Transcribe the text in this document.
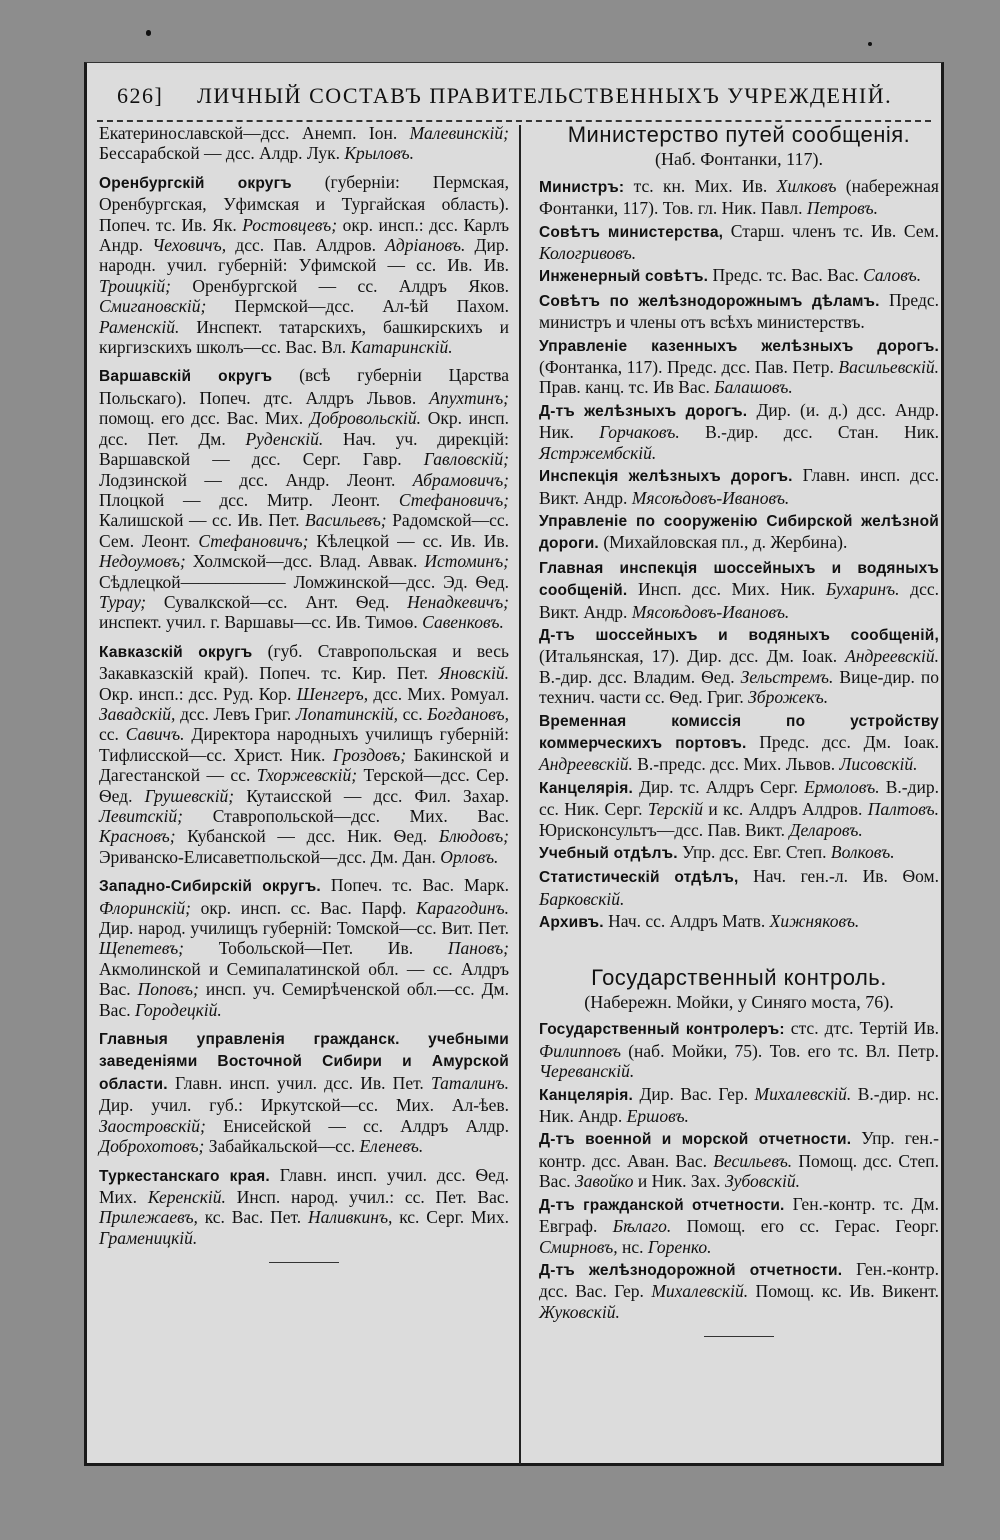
626] ЛИЧНЫЙ СОСТАВЪ ПРАВИТЕЛЬСТВЕННЫХЪ УЧРЕЖДЕНIЙ.

Екатеринославской—дсс. Анемп. Іон. Малевинскій; Бессарабской — дсс. Алдр. Лук. Крыловъ.

Оренбургскій округъ (губерніи: Пермская, Оренбургская, Уфимская и Тургайская область). Попеч. тс. Ив. Як. Ростовцевъ; окр. инсп.: дсс. Карлъ Андр. Чеховичъ, дсс. Пав. Алдров. Адріановъ. Дир. народн. учил. губерній: Уфимской — сс. Ив. Ив. Троицкій; Оренбургской — сс. Алдръ Яков. Смигановскій; Пермской—дсс. Ал-ѣй Пахом. Раменскій. Инспект. татарскихъ, башкирскихъ и киргизскихъ школъ—сс. Вас. Вл. Катаринскій.

Варшавскій округъ (всѣ губерніи Царства Польскаго). Попеч. дтс. Алдръ Львов. Апухтинъ; помощ. его дсс. Вас. Мих. Добровольскій. Окр. инсп. дсс. Пет. Дм. Руденскій. Нач. уч. дирекцій: Варшавской — дсс. Серг. Гавр. Гавловскій; Лодзинской — дсс. Андр. Леонт. Абрамовичъ; Плоцкой — дсс. Митр. Леонт. Стефановичъ; Калишской — сс. Ив. Пет. Васильевъ; Радомской—сс. Сем. Леонт. Стефановичъ; Кѣлецкой — сс. Ив. Ив. Недоумовъ; Холмской—дсс. Влад. Аввак. Истоминъ; Сѣдлецкой—————— Ломжинской—дсс. Эд. Ѳед. Турау; Сувалкской—сс. Ант. Ѳед. Ненадкевичъ; инспект. учил. г. Варшавы—сс. Ив. Тимоѳ. Савенковъ.

Кавказскій округъ (губ. Ставропольская и весь Закавказскій край). Попеч. тс. Кир. Пет. Яновскій. Окр. инсп.: дсс. Руд. Кор. Шенгеръ, дсс. Мих. Ромуал. Завадскій, дсс. Левъ Григ. Лопатинскій, сс. Богдановъ, сс. Савичъ. Директора народныхъ училищъ губерній: Тифлисской—сс. Христ. Ник. Гроздовъ; Бакинской и Дагестанской — сс. Тхоржевскій; Терской—дсс. Сер. Ѳед. Грушевскій; Кутаисской — дсс. Фил. Захар. Левитскій; Ставропольской—дсс. Мих. Вас. Красновъ; Кубанской — дсс. Ник. Ѳед. Блюдовъ; Эриванско-Елисаветпольской—дсс. Дм. Дан. Орловъ.

Западно-Сибирскій округъ. Попеч. тс. Вас. Марк. Флоринскій; окр. инсп. сс. Вас. Парф. Карагодинъ. Дир. народ. училищъ губерній: Томской—сс. Вит. Пет. Щепетевъ; Тобольской—Пет. Ив. Пановъ; Акмолинской и Семипалатинской обл. — сс. Алдръ Вас. Поповъ; инсп. уч. Семирѣченской обл.—сс. Дм. Вас. Городецкій.

Главныя управленія гражданск. учебными заведеніями Восточной Сибири и Амурской области. Главн. инсп. учил. дсс. Ив. Пет. Таталинъ. Дир. учил. губ.: Иркутской—сс. Мих. Ал-ѣев. Заостровскій; Енисейской — сс. Алдръ Алдр. Доброхотовъ; Забайкальской—сс. Еленевъ.

Туркестанскаго края. Главн. инсп. учил. дсс. Ѳед. Мих. Керенскій. Инсп. народ. учил.: сс. Пет. Вас. Прилежаевъ, кс. Вас. Пет. Наливкинъ, кс. Серг. Мих. Граменицкій.

Министерство путей сообщенія.
(Наб. Фонтанки, 117).

Министръ: тс. кн. Мих. Ив. Хилковъ (набережная Фонтанки, 117). Тов. гл. Ник. Павл. Петровъ.

Совѣтъ министерства, Старш. членъ тс. Ив. Сем. Кологривовъ.

Инженерный совѣтъ. Предс. тс. Вас. Вас. Саловъ.

Совѣтъ по желѣзнодорожнымъ дѣламъ. Предс. министръ и члены отъ всѣхъ министерствъ.

Управленіе казенныхъ желѣзныхъ дорогъ. (Фонтанка, 117). Предс. дсс. Пав. Петр. Васильевскій. Прав. канц. тс. Ив Вас. Балашовъ.

Д-тъ желѣзныхъ дорогъ. Дир. (и. д.) дсс. Андр. Ник. Горчаковъ. В.-дир. дсс. Стан. Ник. Ястржембскій.

Инспекція желѣзныхъ дорогъ. Главн. инсп. дсс. Викт. Андр. Мясоѣдовъ-Ивановъ.

Управленіе по сооруженію Сибирской желѣзной дороги. (Михайловская пл., д. Жербина).

Главная инспекція шоссейныхъ и водяныхъ сообщеній. Инсп. дсс. Мих. Ник. Бухаринъ. дсс. Викт. Андр. Мясоѣдовъ-Ивановъ.

Д-тъ шоссейныхъ и водяныхъ сообщеній, (Итальянская, 17). Дир. дсс. Дм. Іоак. Андреевскій. В.-дир. дсс. Владим. Ѳед. Зельстремъ. Вице-дир. по технич. части сс. Ѳед. Григ. Зброжекъ.

Временная комиссія по устройству коммерческихъ портовъ. Предс. дсс. Дм. Іоак. Андреевскій. В.-предс. дсс. Мих. Львов. Лисовскій.

Канцелярія. Дир. тс. Алдръ Серг. Ермоловъ. В.-дир. сс. Ник. Серг. Терскій и кс. Алдръ Алдров. Палтовъ. Юрисконсультъ—дсс. Пав. Викт. Деларовъ.

Учебный отдѣлъ. Упр. дсс. Евг. Степ. Волковъ.

Статистическій отдѣлъ, Нач. ген.-л. Ив. Ѳом. Барковскій.

Архивъ. Нач. сс. Алдръ Матв. Хижняковъ.

Государственный контроль.
(Набережн. Мойки, у Синяго моста, 76).

Государственный контролеръ: стс. дтс. Тертій Ив. Филипповъ (наб. Мойки, 75). Тов. его тс. Вл. Петр. Череванскій.

Канцелярія. Дир. Вас. Гер. Михалевскій. В.-дир. нс. Ник. Андр. Ершовъ.

Д-тъ военной и морской отчетности. Упр. ген.-контр. дсс. Аван. Вас. Весильевъ. Помощ. дсс. Степ. Вас. Завойко и Ник. Зах. Зубовскій.

Д-тъ гражданской отчетности. Ген.-контр. тс. Дм. Евграф. Бѣлаго. Помощ. его сс. Герас. Георг. Смирновъ, нс. Горенко.

Д-тъ желѣзнодорожной отчетности. Ген.-контр. дсс. Вас. Гер. Михалевскій. Помощ. кс. Ив. Викент. Жуковскій.
